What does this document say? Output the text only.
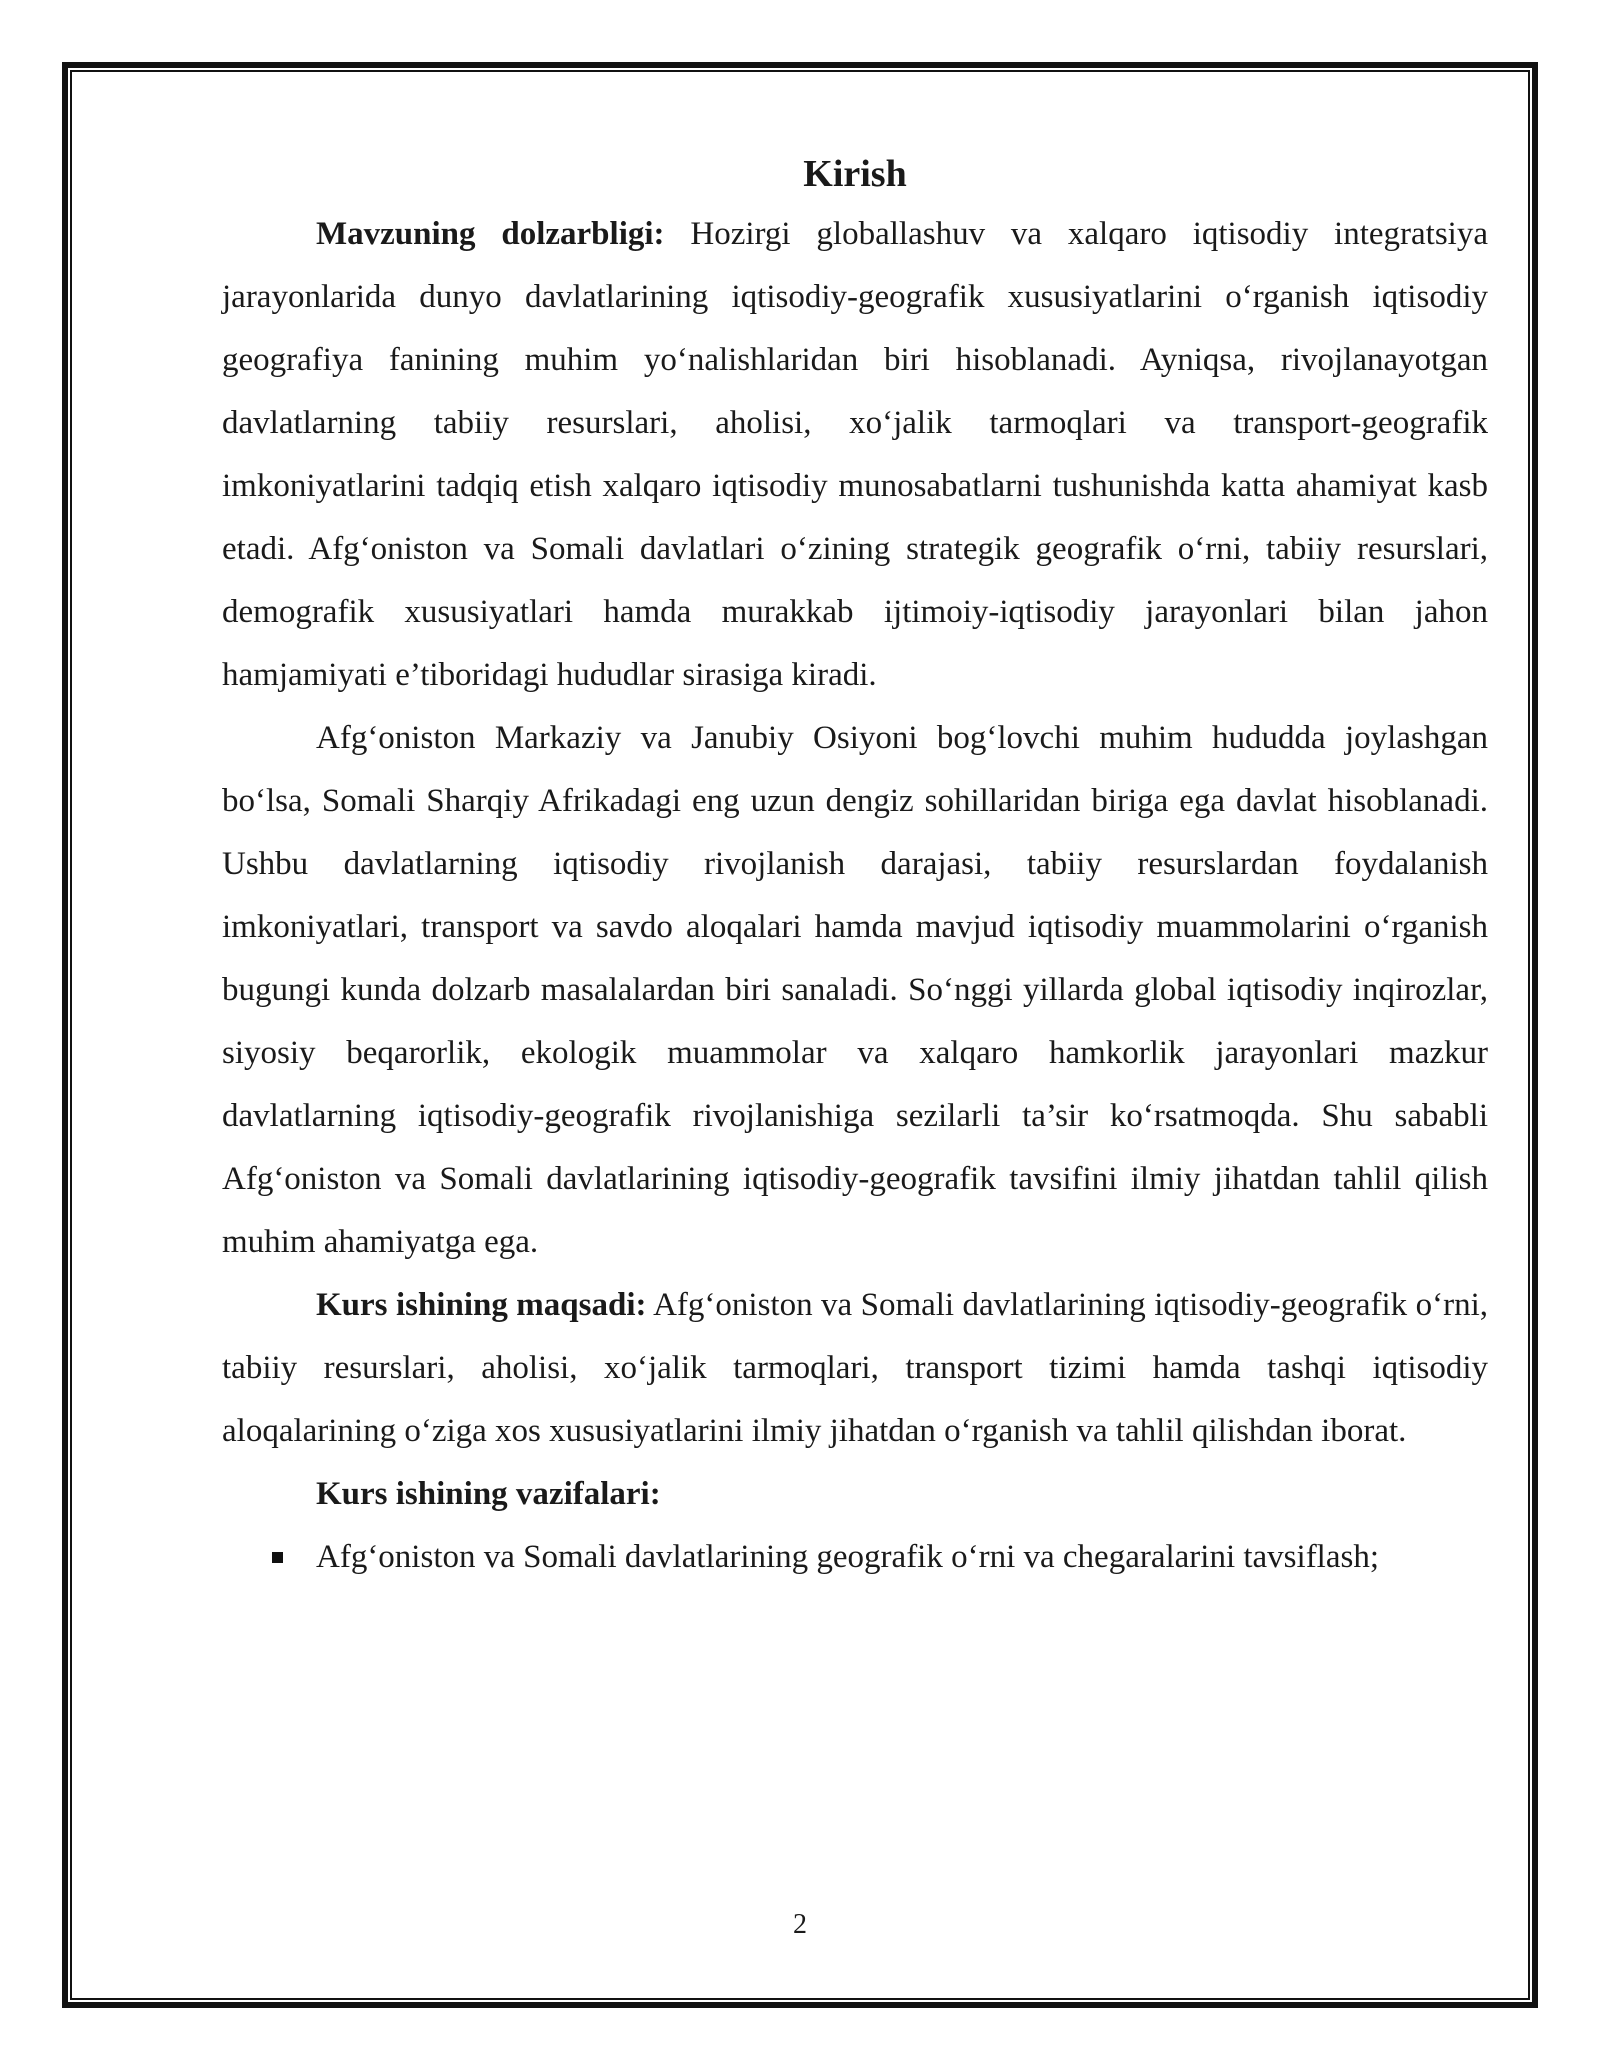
Kirish

Mavzuning dolzarbligi: Hozirgi globallashuv va xalqaro iqtisodiy integratsiya jarayonlarida dunyo davlatlarining iqtisodiy-geografik xususiyatlarini oʻrganish iqtisodiy geografiya fanining muhim yoʻnalishlaridan biri hisoblanadi. Ayniqsa, rivojlanayotgan davlatlarning tabiiy resurslari, aholisi, xoʻjalik tarmoqlari va transport-geografik imkoniyatlarini tadqiq etish xalqaro iqtisodiy munosabatlarni tushunishda katta ahamiyat kasb etadi. Afgʻoniston va Somali davlatlari oʻzining strategik geografik oʻrni, tabiiy resurslari, demografik xususiyatlari hamda murakkab ijtimoiy-iqtisodiy jarayonlari bilan jahon hamjamiyati e’tiboridagi hududlar sirasiga kiradi.

Afgʻoniston Markaziy va Janubiy Osiyoni bogʻlovchi muhim hududda joylashgan boʻlsa, Somali Sharqiy Afrikadagi eng uzun dengiz sohillaridan biriga ega davlat hisoblanadi. Ushbu davlatlarning iqtisodiy rivojlanish darajasi, tabiiy resurslardan foydalanish imkoniyatlari, transport va savdo aloqalari hamda mavjud iqtisodiy muammolarini oʻrganish bugungi kunda dolzarb masalalardan biri sanaladi. Soʻnggi yillarda global iqtisodiy inqirozlar, siyosiy beqarorlik, ekologik muammolar va xalqaro hamkorlik jarayonlari mazkur davlatlarning iqtisodiy-geografik rivojlanishiga sezilarli ta’sir koʻrsatmoqda. Shu sababli Afgʻoniston va Somali davlatlarining iqtisodiy-geografik tavsifini ilmiy jihatdan tahlil qilish muhim ahamiyatga ega.

Kurs ishining maqsadi: Afgʻoniston va Somali davlatlarining iqtisodiy-geografik oʻrni, tabiiy resurslari, aholisi, xoʻjalik tarmoqlari, transport tizimi hamda tashqi iqtisodiy aloqalarining oʻziga xos xususiyatlarini ilmiy jihatdan oʻrganish va tahlil qilishdan iborat.

Kurs ishining vazifalari:
Afgʻoniston va Somali davlatlarining geografik oʻrni va chegaralarini tavsiflash;
2
